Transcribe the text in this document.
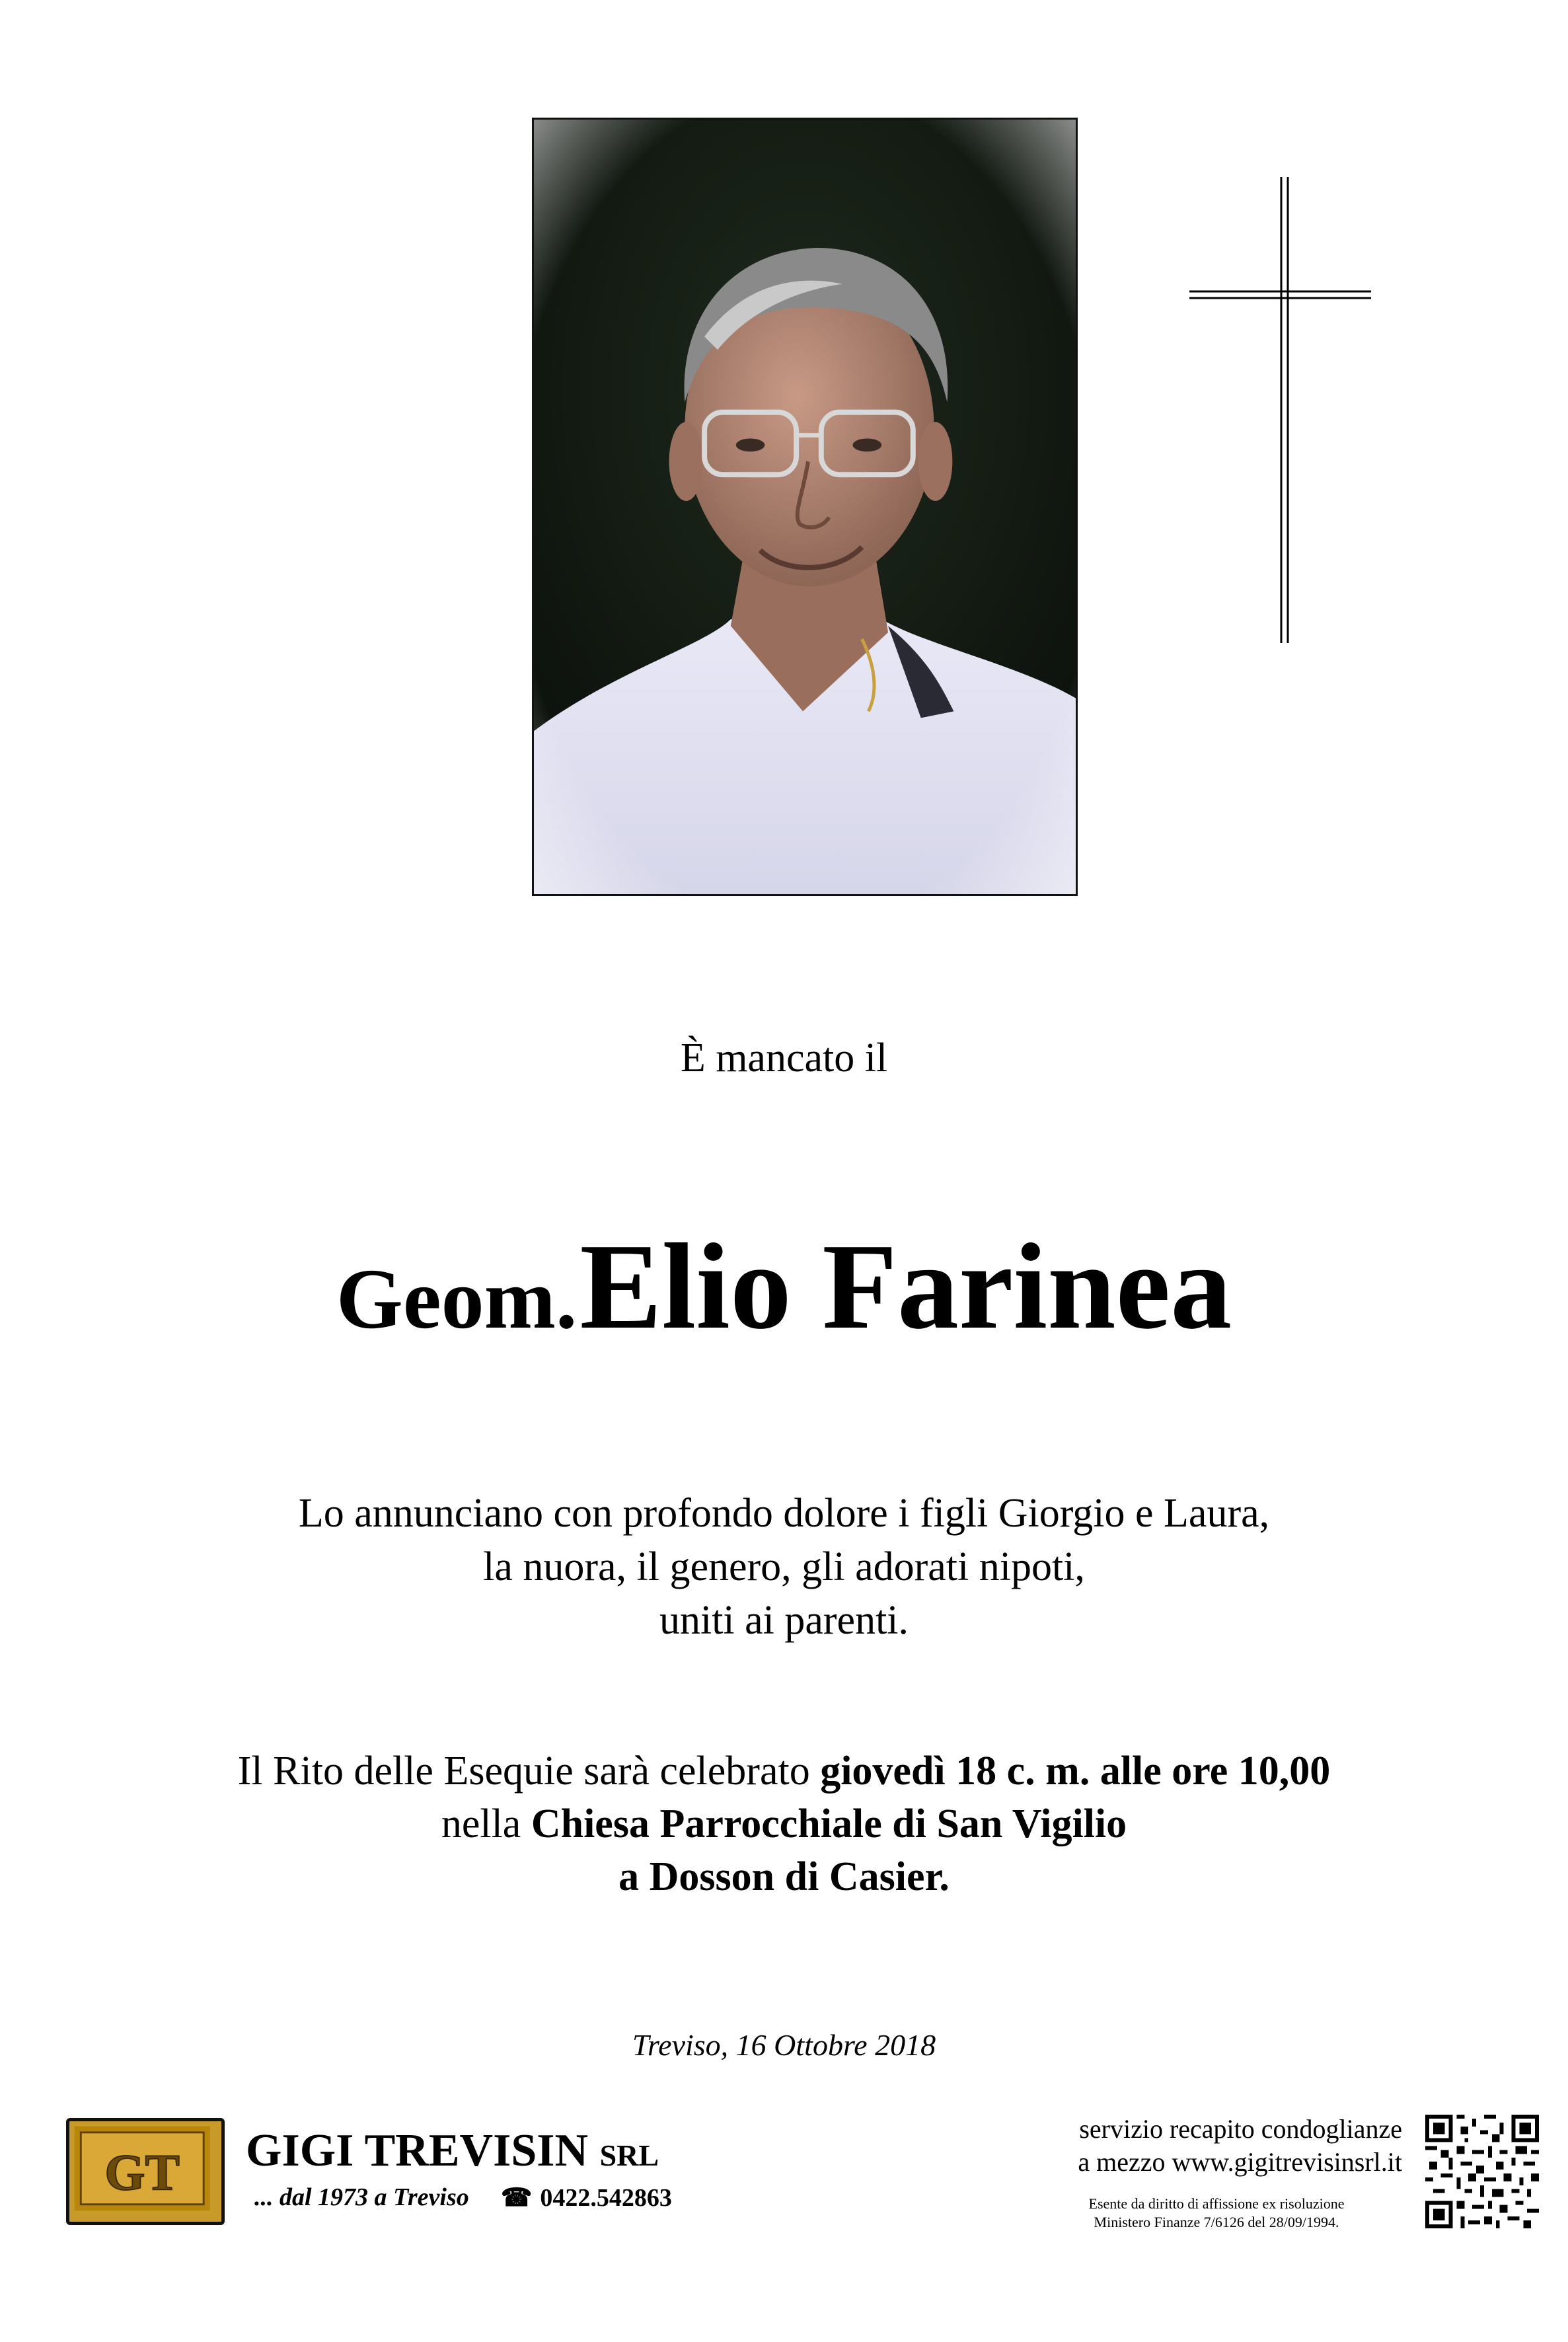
È mancato il
Geom. Elio Farinea
Lo annunciano con profondo dolore i figli Giorgio e Laura,
la nuora, il genero, gli adorati nipoti,
uniti ai parenti.
Il Rito delle Esequie sarà celebrato giovedì 18 c. m. alle ore 10,00
nella Chiesa Parrocchiale di San Vigilio
a Dosson di Casier.
Treviso, 16 Ottobre 2018
GT GIGI TREVISIN SRL
... dal 1973 a Treviso ☎ 0422.542863
servizio recapito condoglianze
a mezzo www.gigitrevisinsrl.it
Esente da diritto di affissione ex risoluzione
Ministero Finanze 7/6126 del 28/09/1994.
